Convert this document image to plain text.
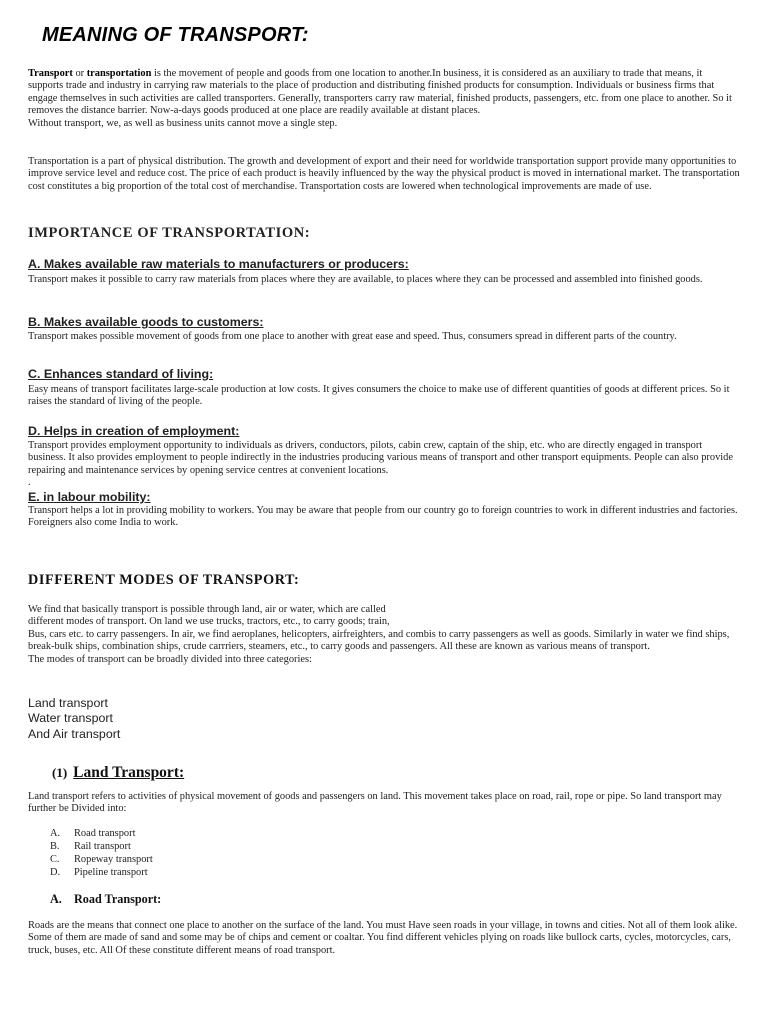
MEANING OF TRANSPORT:

Transport or transportation is the movement of people and goods from one location to another.In business, it is considered as an auxiliary to trade that means, it supports trade and industry in carrying raw materials to the place of production and distributing finished products for consumption. Individuals or business firms that engage themselves in such activities are called transporters. Generally, transporters carry raw material, finished products, passengers, etc. from one place to another. So it removes the distance barrier. Now-a-days goods produced at one place are readily available at distant places.

Without transport, we, as well as business units cannot move a single step.

Transportation is a part of physical distribution. The growth and development of export and their need for worldwide transportation support provide many opportunities to improve service level and reduce cost. The price of each product is heavily influenced by the way the physical product is moved in international market. The transportation cost constitutes a big proportion of the total cost of merchandise. Transportation costs are lowered when technological improvements are made of use.

IMPORTANCE OF TRANSPORTATION:
A. Makes available raw materials to manufacturers or producers:

Transport makes it possible to carry raw materials from places where they are available, to places where they can be processed and assembled into finished goods.

B. Makes available goods to customers:

Transport makes possible movement of goods from one place to another with great ease and speed. Thus, consumers spread in different parts of the country.

C. Enhances standard of living:

Easy means of transport facilitates large-scale production at low costs. It gives consumers the choice to make use of different quantities of goods at different prices. So it raises the standard of living of the people.

D. Helps in creation of employment:

Transport provides employment opportunity to individuals as drivers, conductors, pilots, cabin crew, captain of the ship, etc. who are directly engaged in transport business. It also provides employment to people indirectly in the industries producing various means of transport and other transport equipments. People can also provide repairing and maintenance services by opening service centres at convenient locations.

.

E. in labour mobility:

Transport helps a lot in providing mobility to workers. You may be aware that people from our country go to foreign countries to work in different industries and factories. Foreigners also come India to work.

DIFFERENT MODES OF TRANSPORT:

We find that basically transport is possible through land, air or water, which are called

different modes of transport. On land we use trucks, tractors, etc., to carry goods; train,

Bus, cars etc. to carry passengers. In air, we find aeroplanes, helicopters, airfreighters, and combis to carry passengers as well as goods. Similarly in water we find ships, break-bulk ships, combination ships, crude carrriers, steamers, etc., to carry goods and passengers. All these are known as various means of transport.

The modes of transport can be broadly divided into three categories:

Land transport
Water transport
And Air transport
(1) Land Transport:

Land transport refers to activities of physical movement of goods and passengers on land. This movement takes place on road, rail, rope or pipe. So land transport may further be Divided into:

A.	Road transport
B.	Rail transport
C.	Ropeway transport
D.	Pipeline transport
A. Road Transport:

Roads are the means that connect one place to another on the surface of the land. You must Have seen roads in your village, in towns and cities. Not all of them look alike. Some of them are made of sand and some may be of chips and cement or coaltar. You find different vehicles plying on roads like bullock carts, cycles, motorcycles, cars, truck, buses, etc. All Of these constitute different means of road transport.
